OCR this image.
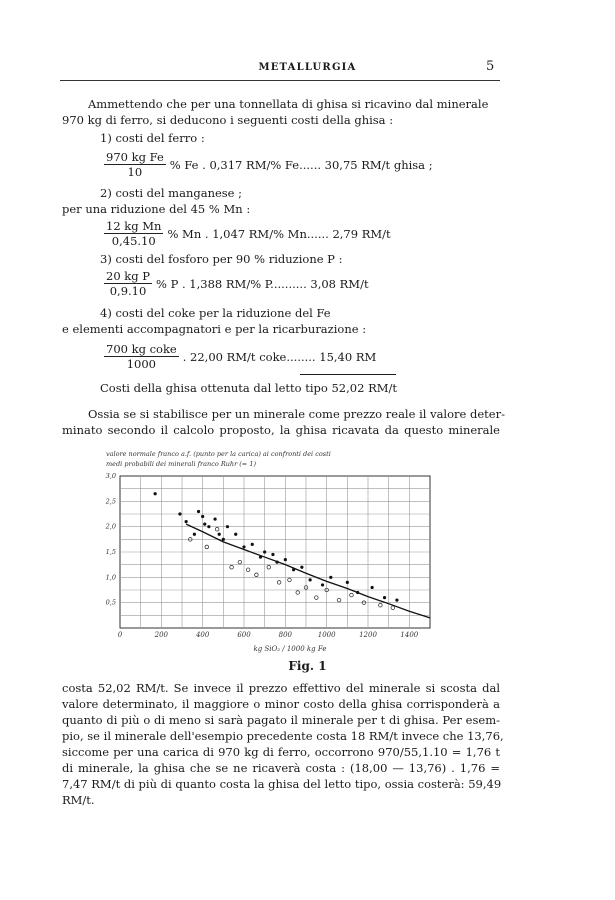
METALLURGIA	5
Ammettendo che per una tonnellata di ghisa si ricavino dal minerale
970 kg di ferro, si deducono i seguenti costi della ghisa :
1) costi del ferro :
$\frac{\text{970 kg Fe}}{10}$ % Fe . 0,317 RM/% Fe...... 30,75 RM/t ghisa ;
2) costi del manganese ;
per una riduzione del 45 % Mn :
$\frac{\text{12 kg Mn}}{0,45.10}$ % Mn . 1,047 RM/% Mn...... 2,79 RM/t
3) costi del fosforo per 90 % riduzione P :
$\frac{\text{20 kg P}}{0,9.10}$ % P . 1,388 RM/% P.......... 3,08 RM/t
4) costi del coke per la riduzione del Fe
e elementi accompagnatori e per la ricarburazione :
$\frac{\text{700 kg coke}}{1000}$ . 22,00 RM/t coke........ 15,40 RM
Costi della ghisa ottenuta dal letto tipo 52,02 RM/t
Ossia se si stabilisce per un minerale come prezzo reale il valore deter-
minato secondo il calcolo proposto, la ghisa ricavata da questo minerale
valore normale franco a.f. (punto per la carica) ai confronti dei costi
medi probabili dei minerali franco Ruhr (= 1)
0	200	400	600	800	1000	1200	1400
0,5
1,0
1,5
2,0
2,5
3,0
kg SiO₂ / 1000 kg Fe
Fig. 1
costa 52,02 RM/t. Se invece il prezzo effettivo del minerale si scosta dal
valore determinato, il maggiore o minor costo della ghisa corrisponderà a
quanto di più o di meno si sarà pagato il minerale per t di ghisa. Per esem-
pio, se il minerale dell'esempio precedente costa 18 RM/t invece che 13,76,
siccome per una carica di 970 kg di ferro, occorrono 970/55,1.10 = 1,76 t
di minerale, la ghisa che se ne ricaverà costa : (18,00 — 13,76) . 1,76 =
7,47 RM/t di più di quanto costa la ghisa del letto tipo, ossia costerà: 59,49
RM/t.
